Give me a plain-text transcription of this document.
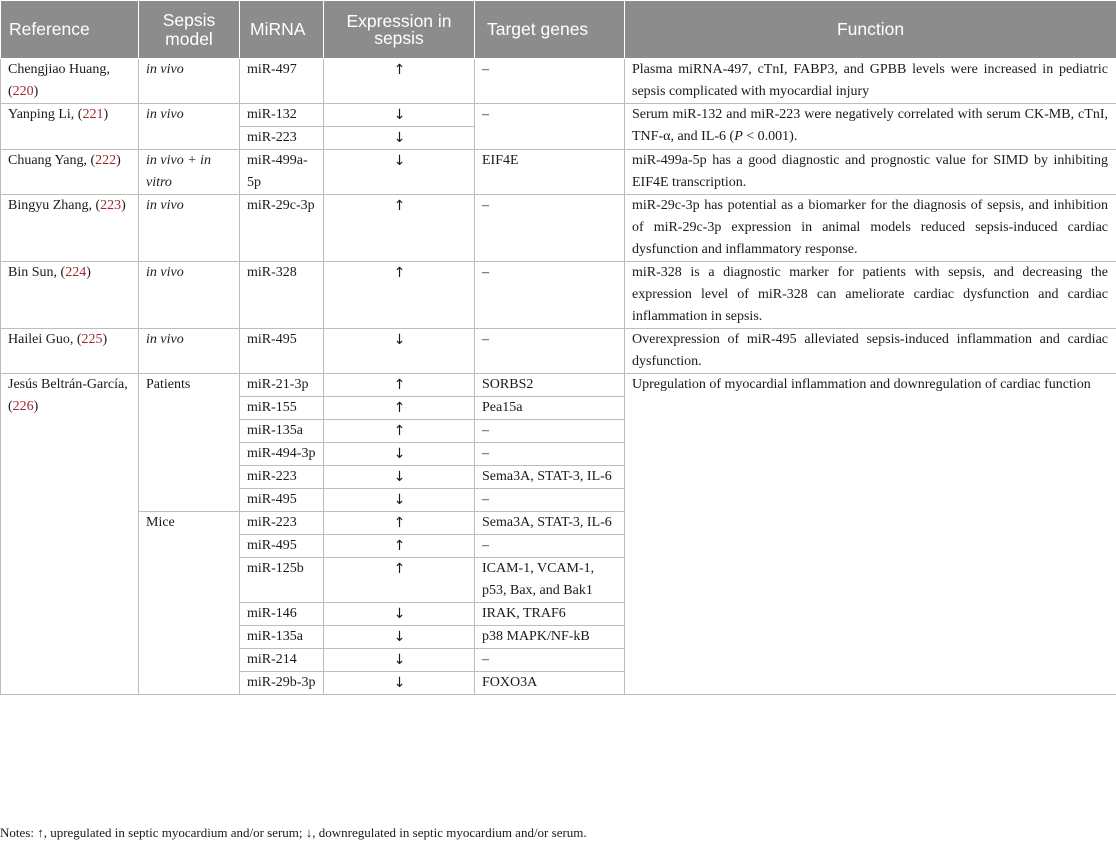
Reference	Sepsis model	MiRNA	Expression in sepsis	Target genes	Function
Chengjiao Huang, (220)	in vivo	miR-497	↑	–	Plasma miRNA-497, cTnI, FABP3, and GPBB levels were increased in pediatric sepsis complicated with myocardial injury
Yanping Li, (221)	in vivo	miR-132	↓	–	Serum miR-132 and miR-223 were negatively correlated with serum CK-MB, cTnI, TNF-α, and IL-6 (P < 0.001).
		miR-223	↓		
Chuang Yang, (222)	in vivo + in vitro	miR-499a-5p	↓	EIF4E	miR-499a-5p has a good diagnostic and prognostic value for SIMD by inhibiting EIF4E transcription.
Bingyu Zhang, (223)	in vivo	miR-29c-3p	↑	–	miR-29c-3p has potential as a biomarker for the diagnosis of sepsis, and inhibition of miR-29c-3p expression in animal models reduced sepsis-induced cardiac dysfunction and inflammatory response.
Bin Sun, (224)	in vivo	miR-328	↑	–	miR-328 is a diagnostic marker for patients with sepsis, and decreasing the expression level of miR-328 can ameliorate cardiac dysfunction and cardiac inflammation in sepsis.
Hailei Guo, (225)	in vivo	miR-495	↓	–	Overexpression of miR-495 alleviated sepsis-induced inflammation and cardiac dysfunction.
Jesús Beltrán-García, (226)	Patients	miR-21-3p	↑	SORBS2	Upregulation of myocardial inflammation and downregulation of cardiac function
		miR-155	↑	Pea15a	
		miR-135a	↑	–	
		miR-494-3p	↓	–	
		miR-223	↓	Sema3A, STAT-3, IL-6	
		miR-495	↓	–	
	Mice	miR-223	↑	Sema3A, STAT-3, IL-6	
		miR-495	↑	–	
		miR-125b	↑	ICAM-1, VCAM-1, p53, Bax, and Bak1	
		miR-146	↓	IRAK, TRAF6	
		miR-135a	↓	p38 MAPK/NF-kB	
		miR-214	↓	–	
		miR-29b-3p	↓	FOXO3A	
Notes: ↑, upregulated in septic myocardium and/or serum; ↓, downregulated in septic myocardium and/or serum.
